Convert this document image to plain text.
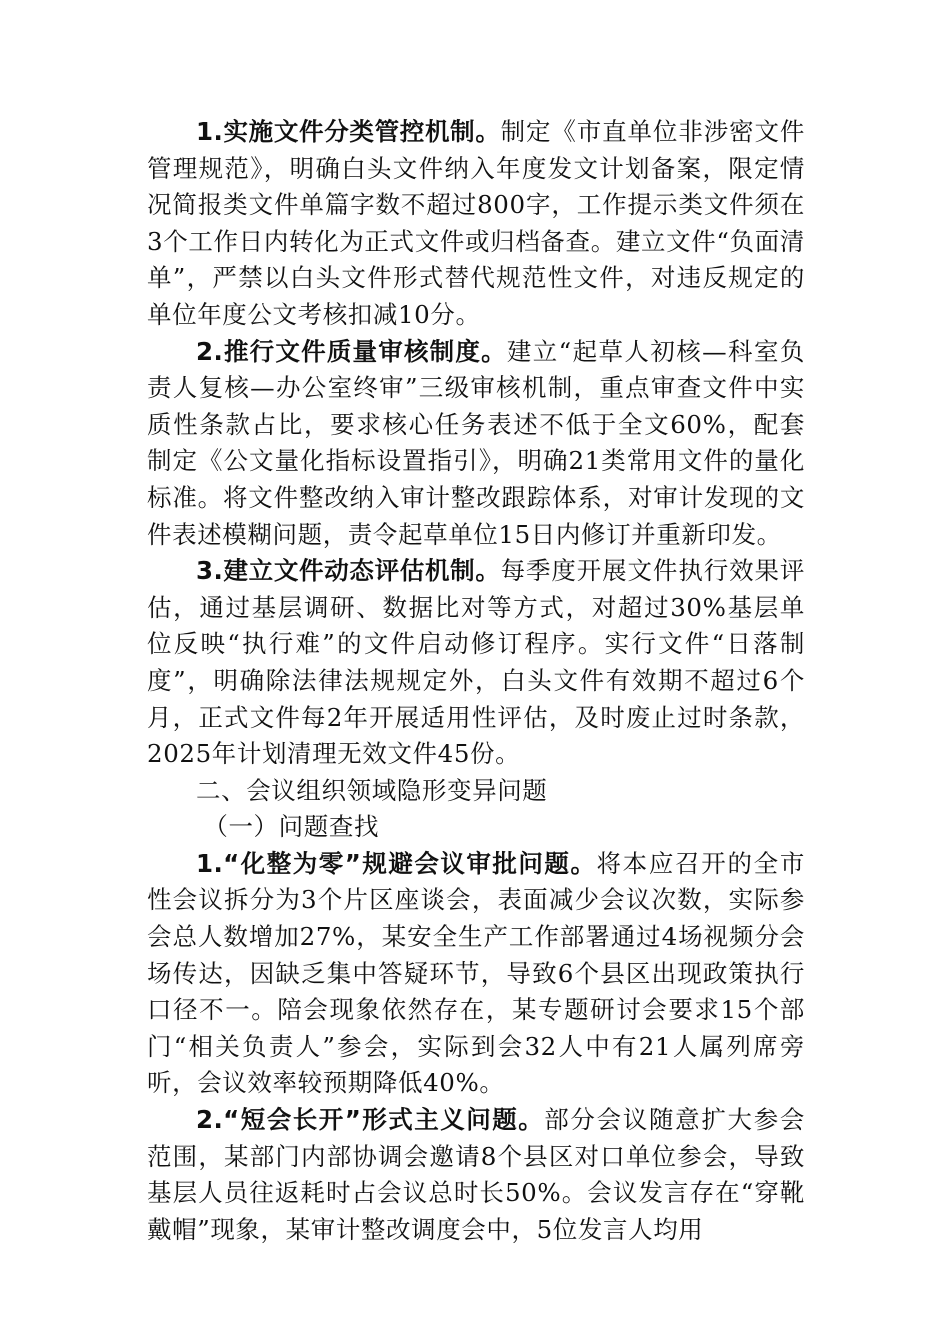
1.实施文件分类管控机制。制定《市直单位非涉密文件管理规范》，明确白头文件纳入年度发文计划备案，限定情况简报类文件单篇字数不超过800字，工作提示类文件须在3个工作日内转化为正式文件或归档备查。建立文件“负面清单”，严禁以白头文件形式替代规范性文件，对违反规定的单位年度公文考核扣减10分。

2.推行文件质量审核制度。建立“起草人初核—科室负责人复核—办公室终审”三级审核机制，重点审查文件中实质性条款占比，要求核心任务表述不低于全文60%，配套制定《公文量化指标设置指引》，明确21类常用文件的量化标准。将文件整改纳入审计整改跟踪体系，对审计发现的文件表述模糊问题，责令起草单位15日内修订并重新印发。

3.建立文件动态评估机制。每季度开展文件执行效果评估，通过基层调研、数据比对等方式，对超过30%基层单位反映“执行难”的文件启动修订程序。实行文件“日落制度”，明确除法律法规规定外，白头文件有效期不超过6个月，正式文件每2年开展适用性评估，及时废止过时条款，2025年计划清理无效文件45份。

二、会议组织领域隐形变异问题

（一）问题查找

1.“化整为零”规避会议审批问题。将本应召开的全市性会议拆分为3个片区座谈会，表面减少会议次数，实际参会总人数增加27%，某安全生产工作部署通过4场视频分会场传达，因缺乏集中答疑环节，导致6个县区出现政策执行口径不一。陪会现象依然存在，某专题研讨会要求15个部门“相关负责人”参会，实际到会32人中有21人属列席旁听，会议效率较预期降低40%。

2.“短会长开”形式主义问题。部分会议随意扩大参会范围，某部门内部协调会邀请8个县区对口单位参会，导致基层人员往返耗时占会议总时长50%。会议发言存在“穿靴戴帽”现象，某审计整改调度会中，5位发言人均用
